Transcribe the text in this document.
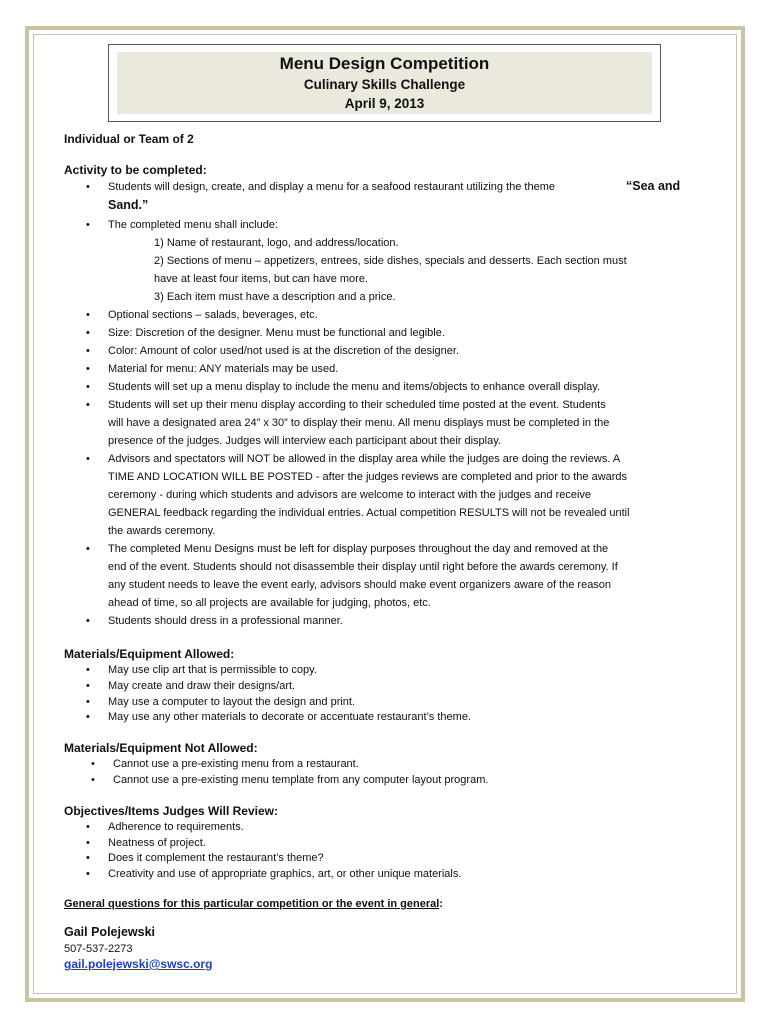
Menu Design Competition
Culinary Skills Challenge
April 9, 2013
Individual or Team of 2
Activity to be completed:
• Students will design, create, and display a menu for a seafood restaurant utilizing the theme	“Sea and
Sand.”
• The completed menu shall include:
1) Name of restaurant, logo, and address/location.
2) Sections of menu – appetizers, entrees, side dishes, specials and desserts. Each section must
have at least four items, but can have more.
3) Each item must have a description and a price.
• Optional sections – salads, beverages, etc.
• Size: Discretion of the designer. Menu must be functional and legible.
• Color: Amount of color used/not used is at the discretion of the designer.
• Material for menu: ANY materials may be used.
• Students will set up a menu display to include the menu and items/objects to enhance overall display.
• Students will set up their menu display according to their scheduled time posted at the event. Students
will have a designated area 24” x 30” to display their menu. All menu displays must be completed in the
presence of the judges. Judges will interview each participant about their display.
• Advisors and spectators will NOT be allowed in the display area while the judges are doing the reviews. A
TIME AND LOCATION WILL BE POSTED - after the judges reviews are completed and prior to the awards
ceremony - during which students and advisors are welcome to interact with the judges and receive
GENERAL feedback regarding the individual entries. Actual competition RESULTS will not be revealed until
the awards ceremony.
• The completed Menu Designs must be left for display purposes throughout the day and removed at the
end of the event. Students should not disassemble their display until right before the awards ceremony. If
any student needs to leave the event early, advisors should make event organizers aware of the reason
ahead of time, so all projects are available for judging, photos, etc.
• Students should dress in a professional manner.
Materials/Equipment Allowed:
• May use clip art that is permissible to copy.
• May create and draw their designs/art.
• May use a computer to layout the design and print.
• May use any other materials to decorate or accentuate restaurant’s theme.
Materials/Equipment Not Allowed:
• Cannot use a pre-existing menu from a restaurant.
• Cannot use a pre-existing menu template from any computer layout program.
Objectives/Items Judges Will Review:
• Adherence to requirements.
• Neatness of project.
• Does it complement the restaurant’s theme?
• Creativity and use of appropriate graphics, art, or other unique materials.
General questions for this particular competition or the event in general:
Gail Polejewski
507-537-2273
gail.polejewski@swsc.org
